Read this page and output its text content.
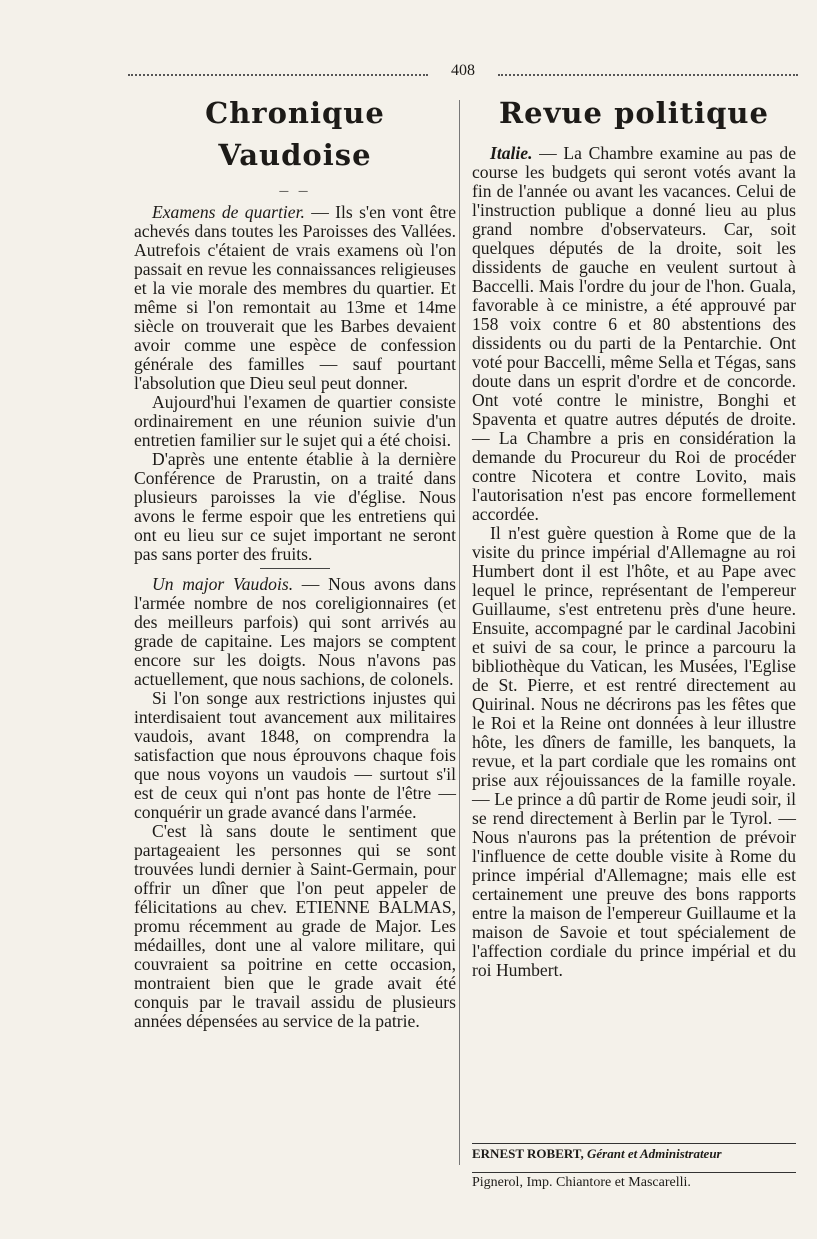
408
Chronique Vaudoise
— —

Examens de quartier. — Ils s'en vont être achevés dans toutes les Paroisses des Vallées. Autrefois c'étaient de vrais examens où l'on passait en revue les connaissances religieuses et la vie morale des membres du quartier. Et même si l'on remontait au 13me et 14me siècle on trouverait que les Barbes devaient avoir comme une espèce de confession générale des familles — sauf pourtant l'absolution que Dieu seul peut donner.

Aujourd'hui l'examen de quartier consiste ordinairement en une réunion suivie d'un entretien familier sur le sujet qui a été choisi.

D'après une entente établie à la dernière Conférence de Prarustin, on a traité dans plusieurs paroisses la vie d'église. Nous avons le ferme espoir que les entretiens qui ont eu lieu sur ce sujet important ne seront pas sans porter des fruits.

Un major Vaudois. — Nous avons dans l'armée nombre de nos coreligionnaires (et des meilleurs parfois) qui sont arrivés au grade de capitaine. Les majors se comptent encore sur les doigts. Nous n'avons pas actuellement, que nous sachions, de colonels.

Si l'on songe aux restrictions injustes qui interdisaient tout avancement aux militaires vaudois, avant 1848, on comprendra la satisfaction que nous éprouvons chaque fois que nous voyons un vaudois — surtout s'il est de ceux qui n'ont pas honte de l'être — conquérir un grade avancé dans l'armée.

C'est là sans doute le sentiment que partageaient les personnes qui se sont trouvées lundi dernier à Saint-Germain, pour offrir un dîner que l'on peut appeler de félicitations au chev. ETIENNE BALMAS, promu récemment au grade de Major. Les médailles, dont une al valore militare, qui couvraient sa poitrine en cette occasion, montraient bien que le grade avait été conquis par le travail assidu de plusieurs années dépensées au service de la patrie.

Revue politique

Italie. — La Chambre examine au pas de course les budgets qui seront votés avant la fin de l'année ou avant les vacances. Celui de l'instruction publique a donné lieu au plus grand nombre d'observateurs. Car, soit quelques députés de la droite, soit les dissidents de gauche en veulent surtout à Baccelli. Mais l'ordre du jour de l'hon. Guala, favorable à ce ministre, a été approuvé par 158 voix contre 6 et 80 abstentions des dissidents ou du parti de la Pentarchie. Ont voté pour Baccelli, même Sella et Tégas, sans doute dans un esprit d'ordre et de concorde. Ont voté contre le ministre, Bonghi et Spaventa et quatre autres députés de droite. — La Chambre a pris en considération la demande du Procureur du Roi de procéder contre Nicotera et contre Lovito, mais l'autorisation n'est pas encore formellement accordée.

Il n'est guère question à Rome que de la visite du prince impérial d'Allemagne au roi Humbert dont il est l'hôte, et au Pape avec lequel le prince, représentant de l'empereur Guillaume, s'est entretenu près d'une heure. Ensuite, accompagné par le cardinal Jacobini et suivi de sa cour, le prince a parcouru la bibliothèque du Vatican, les Musées, l'Eglise de St. Pierre, et est rentré directement au Quirinal. Nous ne décrirons pas les fêtes que le Roi et la Reine ont données à leur illustre hôte, les dîners de famille, les banquets, la revue, et la part cordiale que les romains ont prise aux réjouissances de la famille royale. — Le prince a dû partir de Rome jeudi soir, il se rend directement à Berlin par le Tyrol. — Nous n'aurons pas la prétention de prévoir l'influence de cette double visite à Rome du prince impérial d'Allemagne; mais elle est certainement une preuve des bons rapports entre la maison de l'empereur Guillaume et la maison de Savoie et tout spécialement de l'affection cordiale du prince impérial et du roi Humbert.

ERNEST ROBERT, Gérant et Administrateur
Pignerol, Imp. Chiantore et Mascarelli.
